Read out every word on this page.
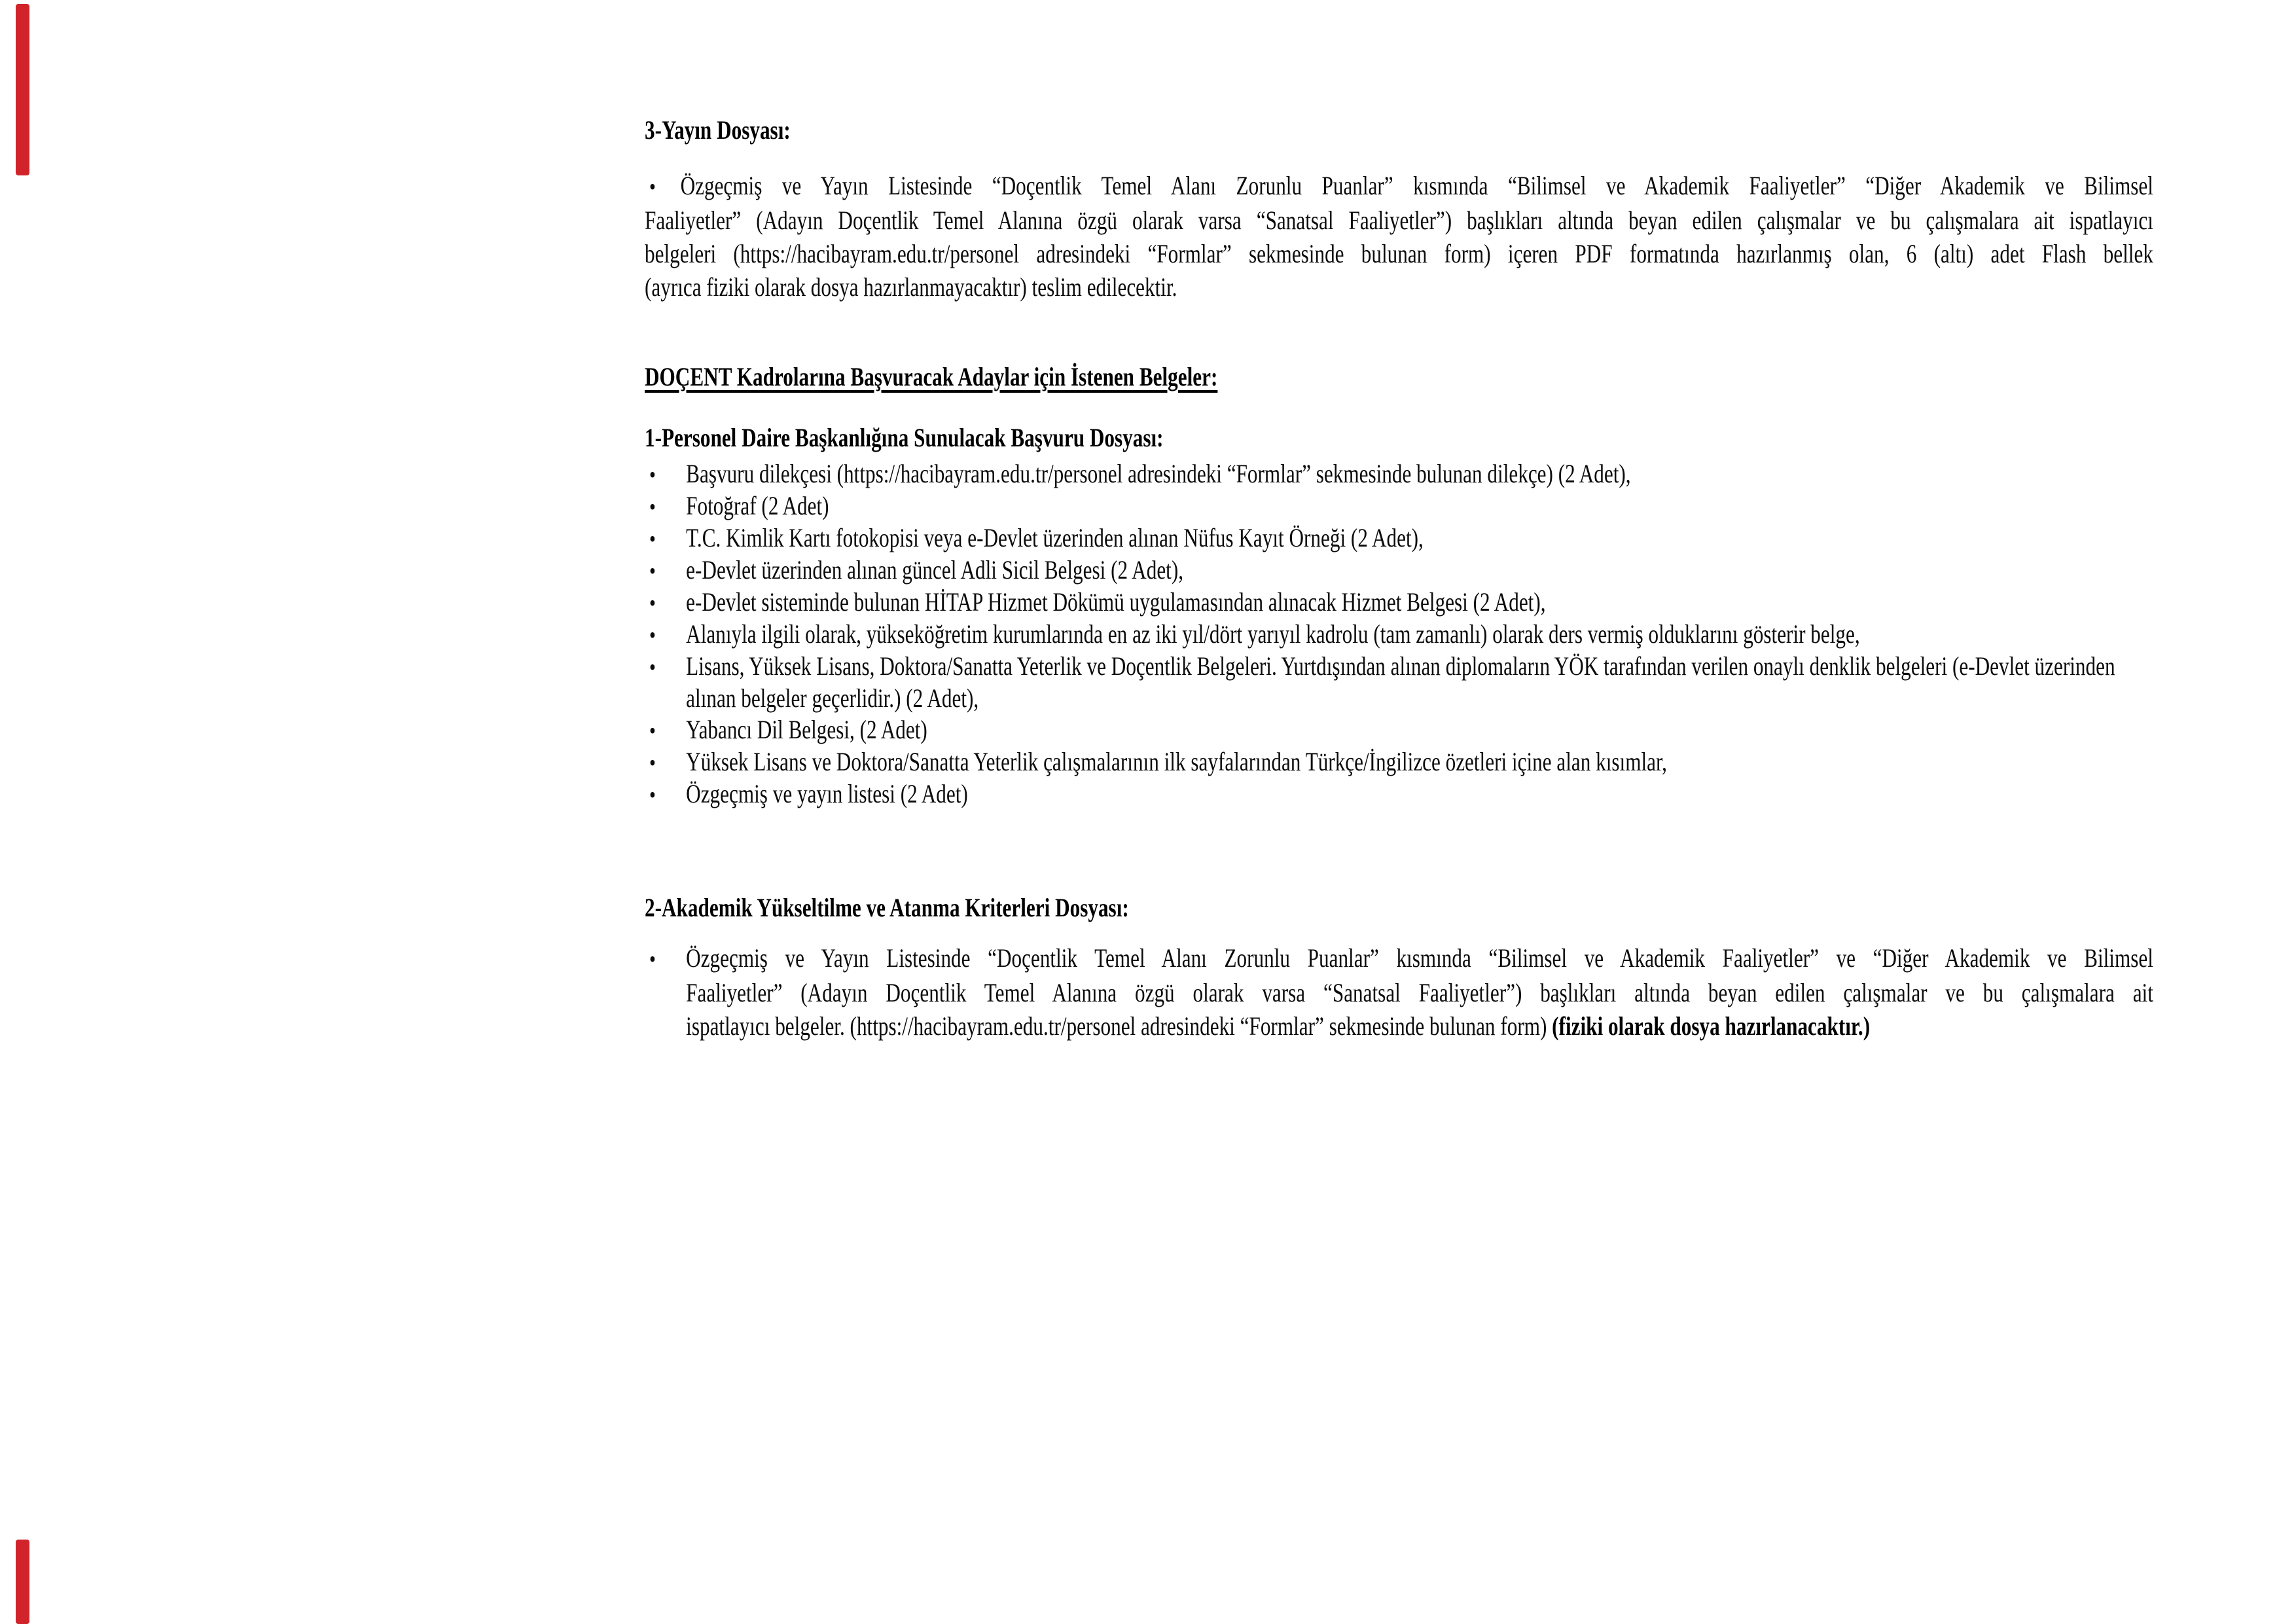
3-Yayın Dosyası:
• Özgeçmiş ve Yayın Listesinde “Doçentlik Temel Alanı Zorunlu Puanlar” kısmında “Bilimsel ve Akademik Faaliyetler” “Diğer Akademik ve Bilimsel
Faaliyetler” (Adayın Doçentlik Temel Alanına özgü olarak varsa “Sanatsal Faaliyetler”) başlıkları altında beyan edilen çalışmalar ve bu çalışmalara ait ispatlayıcı
belgeleri (https://hacibayram.edu.tr/personel adresindeki “Formlar” sekmesinde bulunan form) içeren PDF formatında hazırlanmış olan, 6 (altı) adet Flash bellek
(ayrıca fiziki olarak dosya hazırlanmayacaktır) teslim edilecektir.
DOÇENT Kadrolarına Başvuracak Adaylar için İstenen Belgeler:
1-Personel Daire Başkanlığına Sunulacak Başvuru Dosyası:
• Başvuru dilekçesi (https://hacibayram.edu.tr/personel adresindeki “Formlar” sekmesinde bulunan dilekçe) (2 Adet),
• Fotoğraf (2 Adet)
• T.C. Kimlik Kartı fotokopisi veya e-Devlet üzerinden alınan Nüfus Kayıt Örneği (2 Adet),
• e-Devlet üzerinden alınan güncel Adli Sicil Belgesi (2 Adet),
• e-Devlet sisteminde bulunan HİTAP Hizmet Dökümü uygulamasından alınacak Hizmet Belgesi (2 Adet),
• Alanıyla ilgili olarak, yükseköğretim kurumlarında en az iki yıl/dört yarıyıl kadrolu (tam zamanlı) olarak ders vermiş olduklarını gösterir belge,
• Lisans, Yüksek Lisans, Doktora/Sanatta Yeterlik ve Doçentlik Belgeleri. Yurtdışından alınan diplomaların YÖK tarafından verilen onaylı denklik belgeleri (e-Devlet üzerinden alınan belgeler geçerlidir.) (2 Adet),
• Yabancı Dil Belgesi, (2 Adet)
• Yüksek Lisans ve Doktora/Sanatta Yeterlik çalışmalarının ilk sayfalarından Türkçe/İngilizce özetleri içine alan kısımlar,
• Özgeçmiş ve yayın listesi (2 Adet)
2-Akademik Yükseltilme ve Atanma Kriterleri Dosyası:
• Özgeçmiş ve Yayın Listesinde “Doçentlik Temel Alanı Zorunlu Puanlar” kısmında “Bilimsel ve Akademik Faaliyetler” ve “Diğer Akademik ve Bilimsel
Faaliyetler” (Adayın Doçentlik Temel Alanına özgü olarak varsa “Sanatsal Faaliyetler”) başlıkları altında beyan edilen çalışmalar ve bu çalışmalara ait
ispatlayıcı belgeler. (https://hacibayram.edu.tr/personel adresindeki “Formlar” sekmesinde bulunan form) (fiziki olarak dosya hazırlanacaktır.)
